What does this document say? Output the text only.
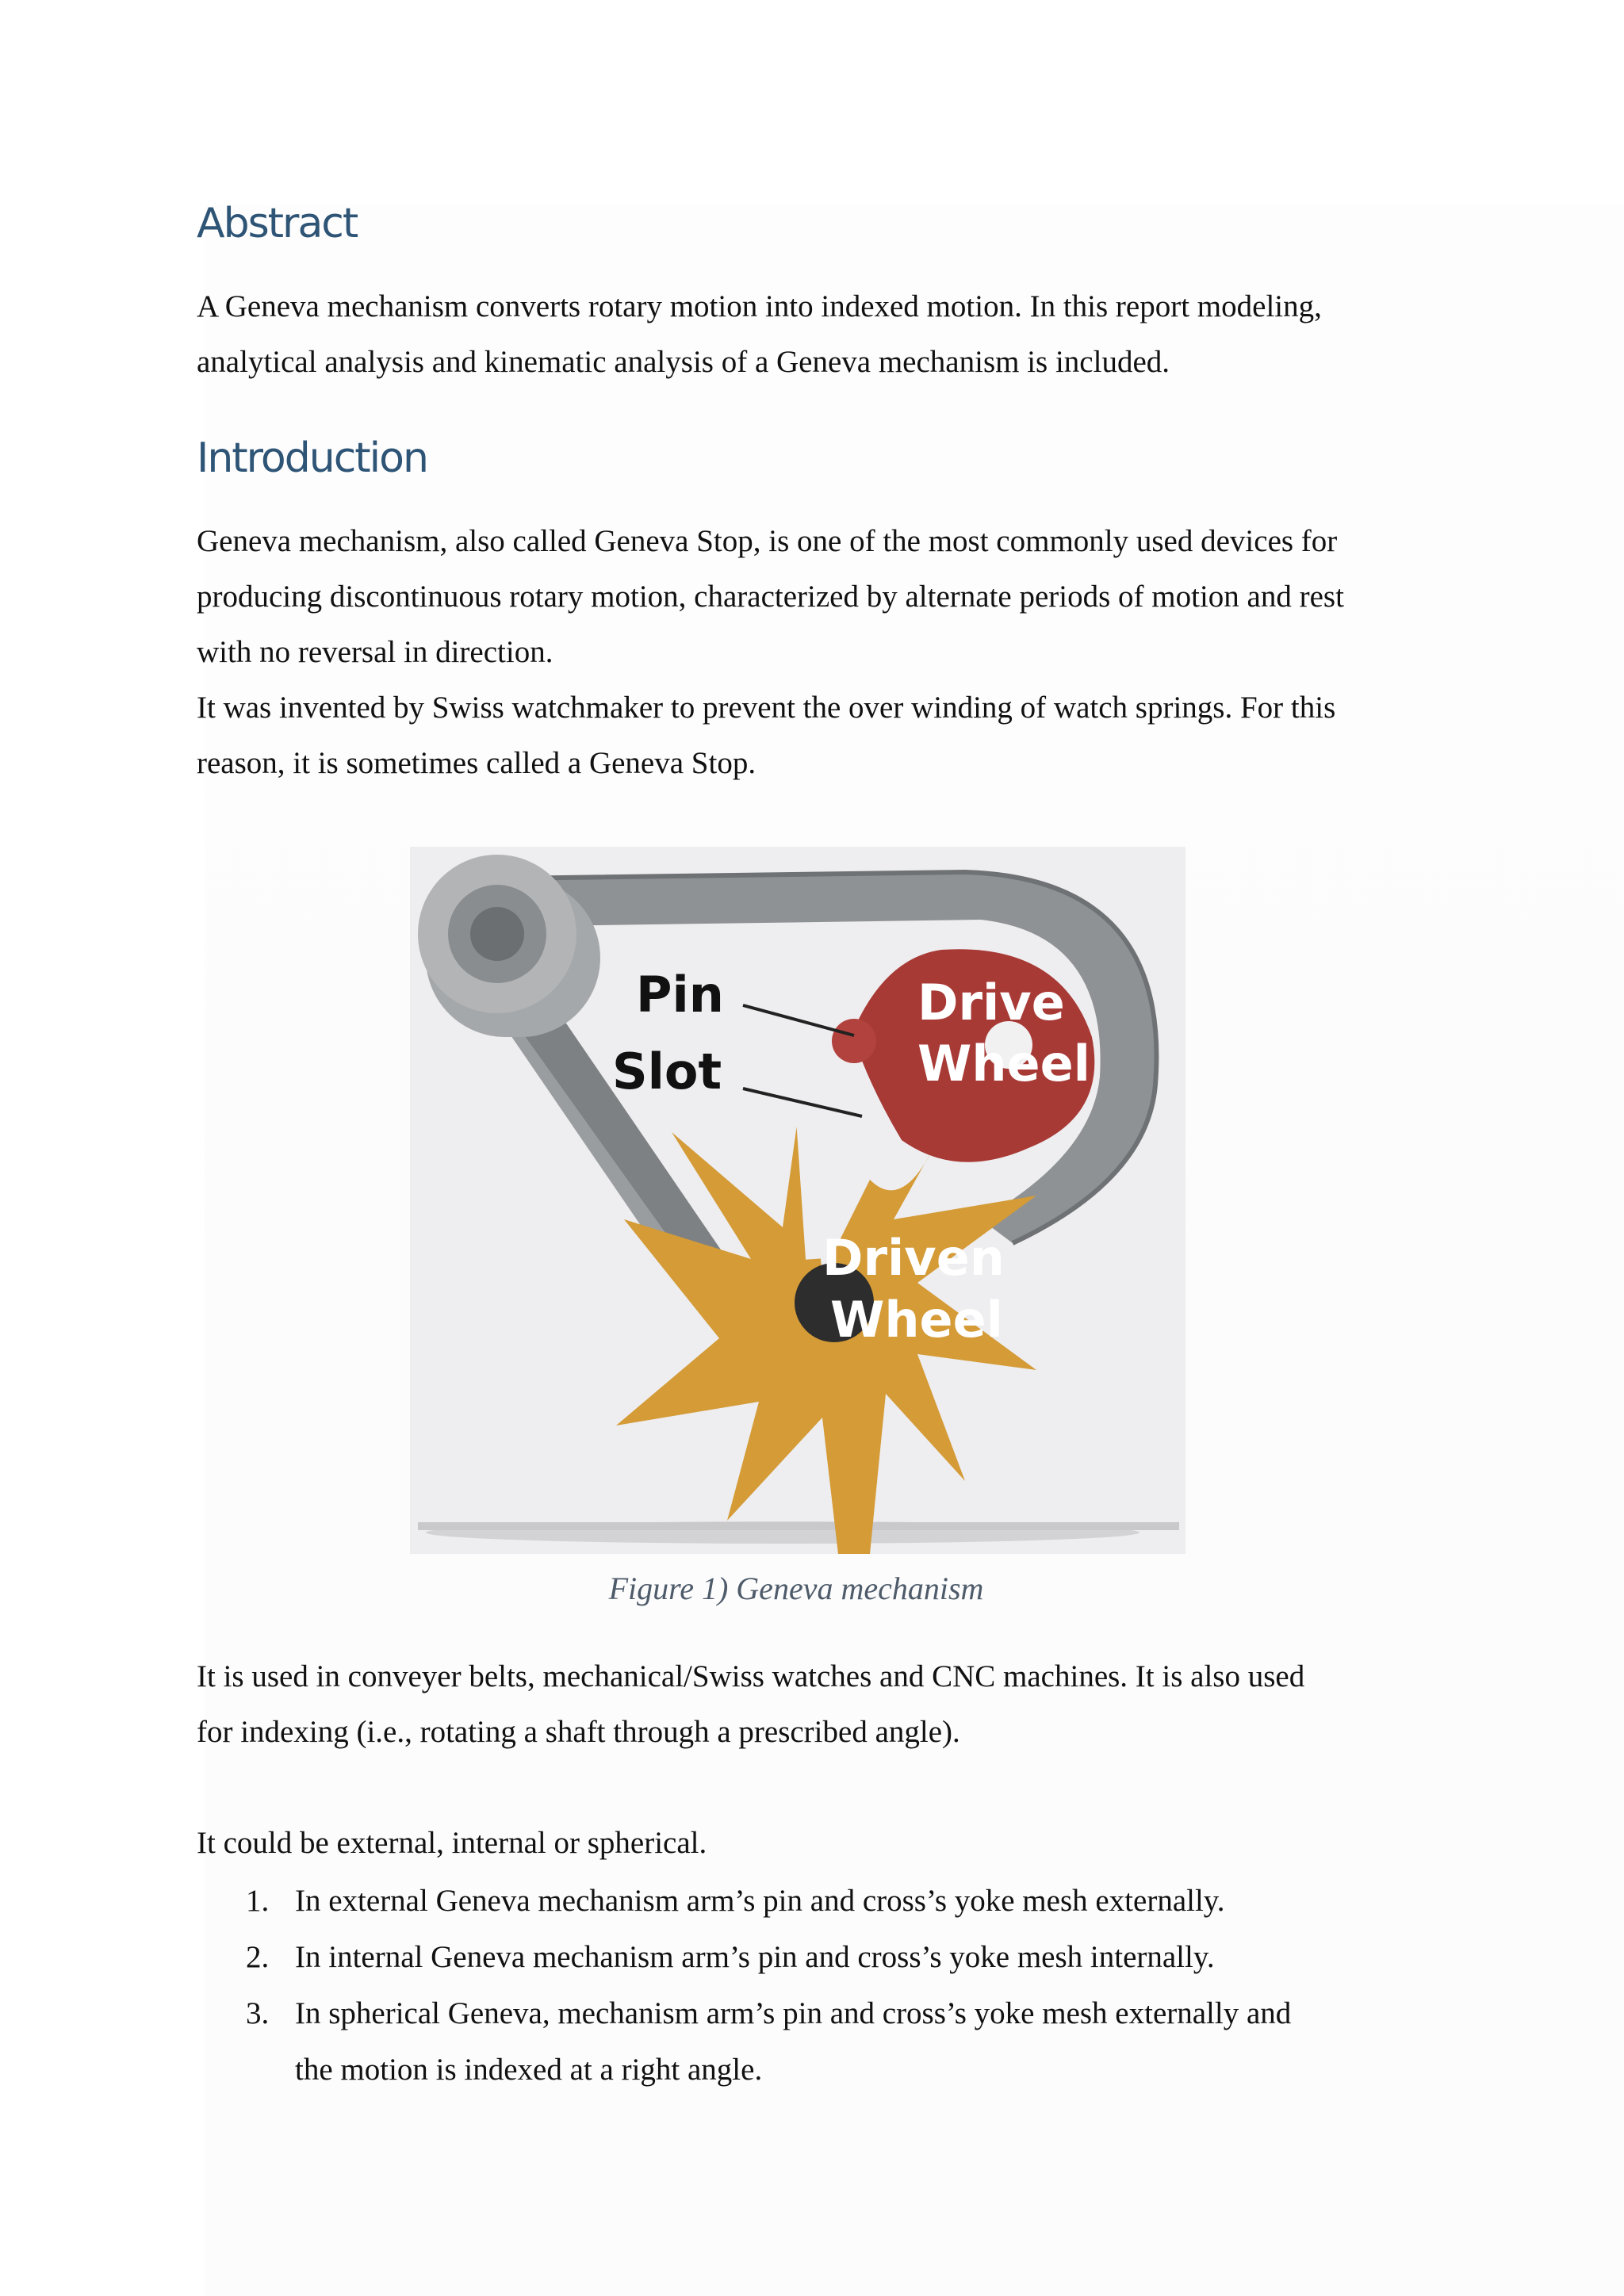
Abstract

A Geneva mechanism converts rotary motion into indexed motion. In this report modeling,
analytical analysis and kinematic analysis of a Geneva mechanism is included.

Introduction

Geneva mechanism, also called Geneva Stop, is one of the most commonly used devices for
producing discontinuous rotary motion, characterized by alternate periods of motion and rest
with no reversal in direction.
It was invented by Swiss watchmaker to prevent the over winding of watch springs. For this
reason, it is sometimes called a Geneva Stop.

Pin
Slot
Drive
Wheel
Driven
Wheel
Figure 1) Geneva mechanism

It is used in conveyer belts, mechanical/Swiss watches and CNC machines. It is also used
for indexing (i.e., rotating a shaft through a prescribed angle).

It could be external, internal or spherical.

1. In external Geneva mechanism arm’s pin and cross’s yoke mesh externally.
2. In internal Geneva mechanism arm’s pin and cross’s yoke mesh internally.
3. In spherical Geneva, mechanism arm’s pin and cross’s yoke mesh externally and
the motion is indexed at a right angle.
